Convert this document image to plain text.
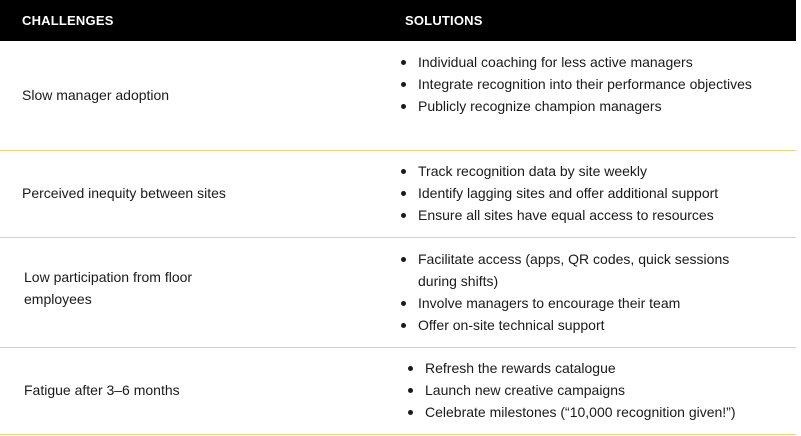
CHALLENGES	SOLUTIONS
Slow manager adoption
Individual coaching for less active managers
Integrate recognition into their performance objectives
Publicly recognize champion managers
Perceived inequity between sites
Track recognition data by site weekly
Identify lagging sites and offer additional support
Ensure all sites have equal access to resources
Low participation from floor employees
Facilitate access (apps, QR codes, quick sessions during shifts)
Involve managers to encourage their team
Offer on-site technical support
Fatigue after 3–6 months
Refresh the rewards catalogue
Launch new creative campaigns
Celebrate milestones (“10,000 recognition given!”)
